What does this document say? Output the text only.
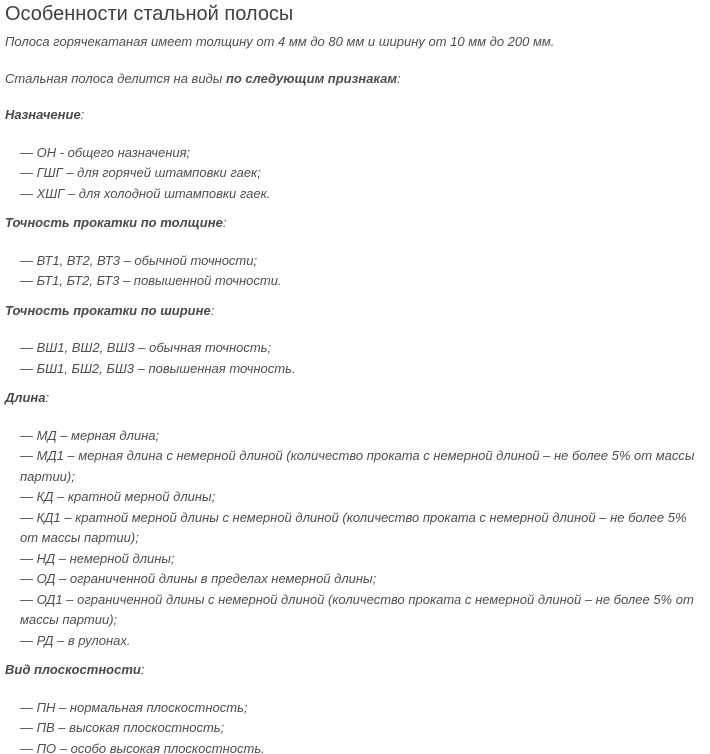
Особенности стальной полосы

Полоса горячекатаная имеет толщину от 4 мм до 80 мм и ширину от 10 мм до 200 мм.

Стальная полоса делится на виды по следующим признакам:

Назначение:

— ОН - общего назначения;
— ГШГ – для горячей штамповки гаек;
— ХШГ – для холодной штамповки гаек.

Точность прокатки по толщине:

— ВТ1, ВТ2, ВТ3 – обычной точности;
— БТ1, БТ2, БТ3 – повышенной точности.

Точность прокатки по ширине:

— ВШ1, ВШ2, ВШ3 – обычная точность;
— БШ1, БШ2, БШ3 – повышенная точность.

Длина:

— МД – мерная длина;
— МД1 – мерная длина с немерной длиной (количество проката с немерной длиной – не более 5% от массы партии);
— КД – кратной мерной длины;
— КД1 – кратной мерной длины с немерной длиной (количество проката с немерной длиной – не более 5% от массы партии);
— НД – немерной длины;
— ОД – ограниченной длины в пределах немерной длины;
— ОД1 – ограниченной длины с немерной длиной (количество проката с немерной длиной – не более 5% от массы партии);
— РД – в рулонах.

Вид плоскостности:

— ПН – нормальная плоскостность;
— ПВ – высокая плоскостность;
— ПО – особо высокая плоскостность.
